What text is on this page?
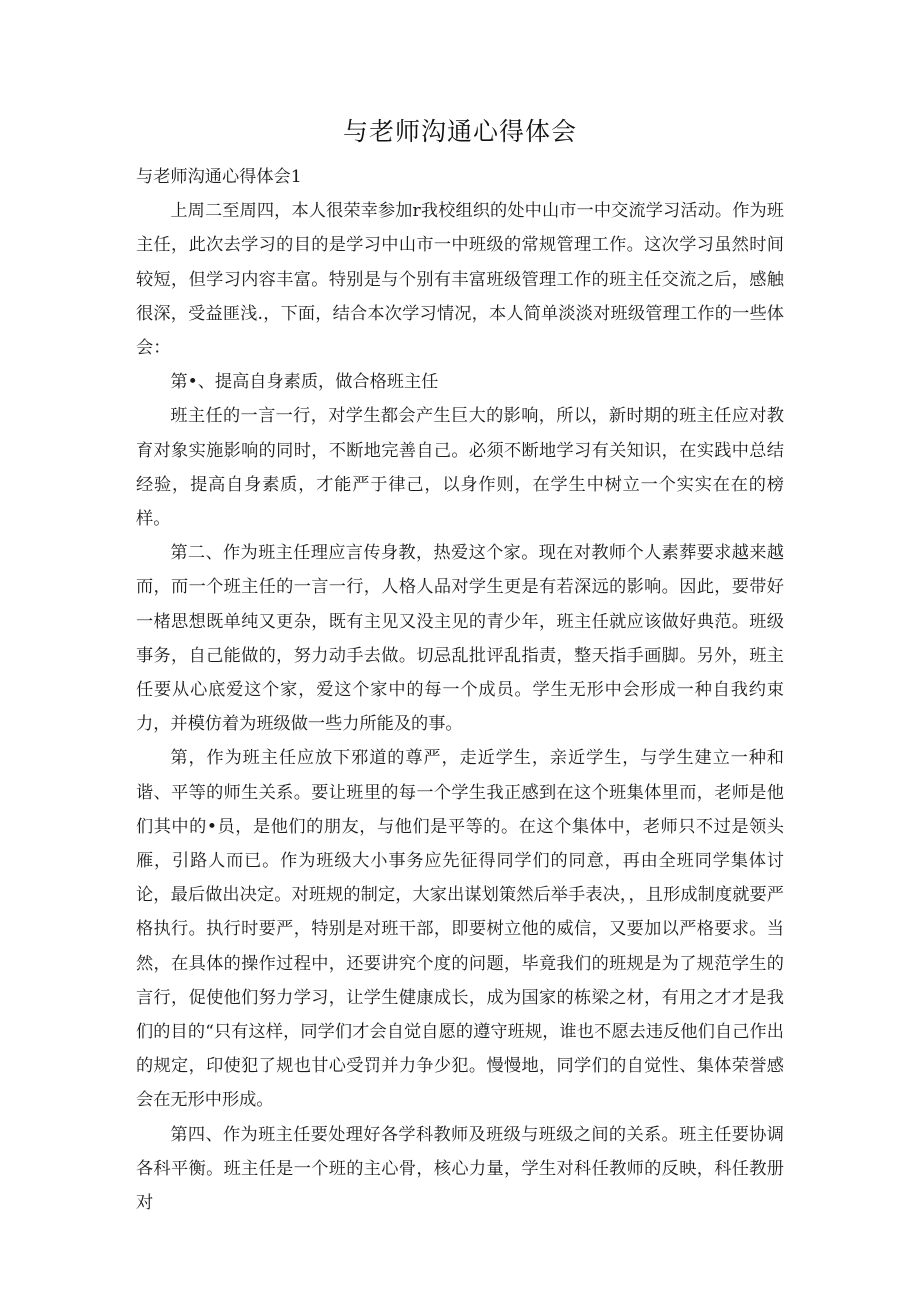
与老师沟通心得体会

与老师沟通心得体会1

上周二至周四，本人很荣幸参加r我校组织的处中山市一中交流学习活动。作为班主任，此次去学习的目的是学习中山市一中班级的常规管理工作。这次学习虽然时间较短，但学习内容丰富。特别是与个别有丰富班级管理工作的班主任交流之后，感触很深，受益匪浅.，下面，结合本次学习情况，本人简单淡淡对班级管理工作的一些体会：

第•、提高自身素质，做合格班主任

班主任的一言一行，对学生都会产生巨大的影响，所以，新时期的班主任应对教育对象实施影响的同时，不断地完善自己。必须不断地学习有关知识，在实践中总结经验，提高自身素质，才能严于律己，以身作则，在学生中树立一个实实在在的榜样。

第二、作为班主任理应言传身教，热爱这个家。现在对教师个人素葬要求越来越而，而一个班主任的一言一行，人格人品对学生更是有若深远的影响。因此，要带好一楮思想既单纯又更杂，既有主见又没主见的青少年，班主任就应该做好典范。班级事务，自己能做的，努力动手去做。切忌乱批评乱指责，整天指手画脚。另外，班主任要从心底爱这个家，爱这个家中的每一个成员。学生无形中会形成一种自我约束力，并模仿着为班级做一些力所能及的事。

第，作为班主任应放下邪道的尊严，走近学生，亲近学生，与学生建立一种和谐、平等的师生关系。要让班里的每一个学生我正感到在这个班集体里而，老师是他们其中的•员，是他们的朋友，与他们是平等的。在这个集体中，老师只不过是领头雁，引路人而已。作为班级大小事务应先征得同学们的同意，再由全班同学集体讨论，最后做出决定。对班规的制定，大家出谋划策然后举手表决，，且形成制度就要严格执行。执行时要严，特别是对班干部，即要树立他的威信，又要加以严格要求。当然，在具体的操作过程中，还要讲究个度的问题，毕竟我们的班规是为了规范学生的言行，促使他们努力学习，让学生健康成长，成为国家的栋梁之材，有用之才才是我们的目的“只有这样，同学们才会自觉自愿的遵守班规，谁也不愿去违反他们自己作出的规定，印使犯了规也甘心受罚并力争少犯。慢慢地，同学们的自觉性、集体荣誉感会在无形中形成。

第四、作为班主任要处理好各学科教师及班级与班级之间的关系。班主任要协调各科平衡。班主任是一个班的主心骨，核心力量，学生对科任教师的反映，科任教册对
